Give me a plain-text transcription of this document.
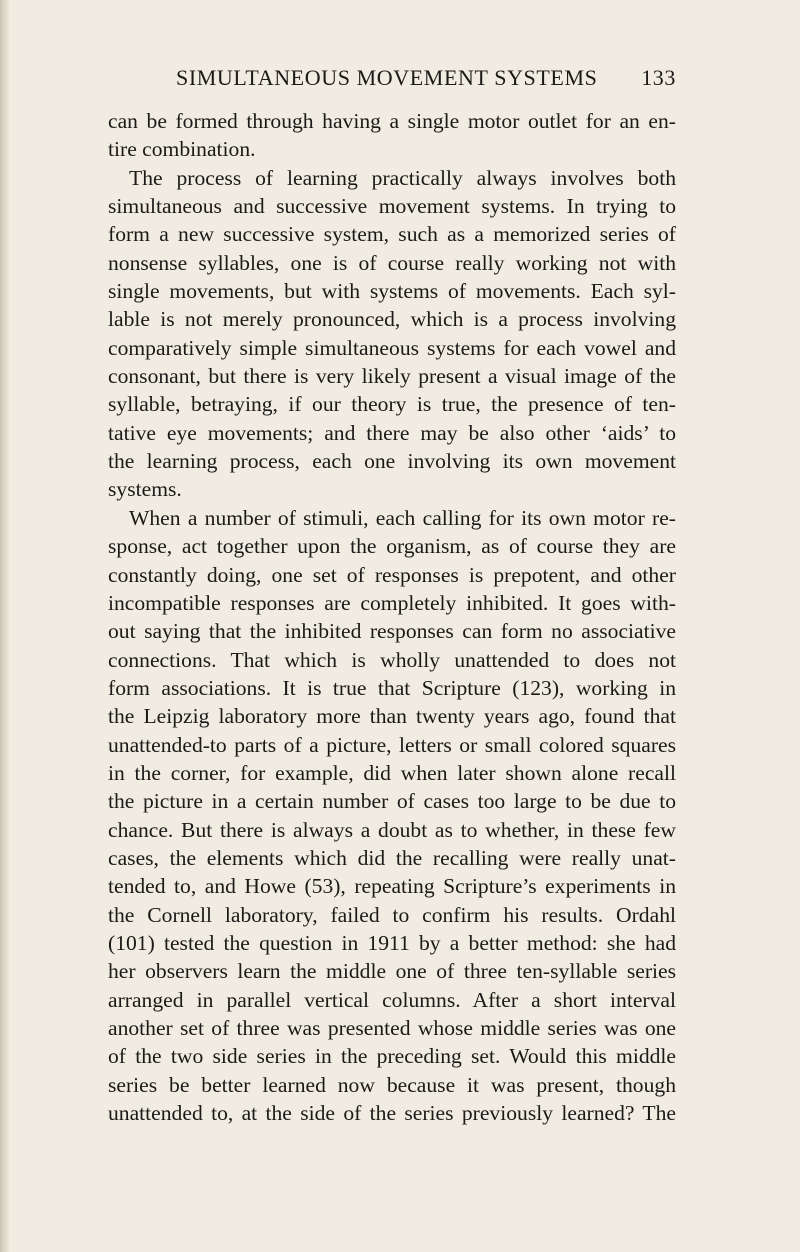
SIMULTANEOUS MOVEMENT SYSTEMS 133
can be formed through having a single motor outlet for an en-
tire combination.
The process of learning practically always involves both
simultaneous and successive movement systems. In trying to
form a new successive system, such as a memorized series of
nonsense syllables, one is of course really working not with
single movements, but with systems of movements. Each syl-
lable is not merely pronounced, which is a process involving
comparatively simple simultaneous systems for each vowel and
consonant, but there is very likely present a visual image of the
syllable, betraying, if our theory is true, the presence of ten-
tative eye movements; and there may be also other ‘aids’ to
the learning process, each one involving its own movement
systems.
When a number of stimuli, each calling for its own motor re-
sponse, act together upon the organism, as of course they are
constantly doing, one set of responses is prepotent, and other
incompatible responses are completely inhibited. It goes with-
out saying that the inhibited responses can form no associative
connections. That which is wholly unattended to does not
form associations. It is true that Scripture (123), working in
the Leipzig laboratory more than twenty years ago, found that
unattended-to parts of a picture, letters or small colored squares
in the corner, for example, did when later shown alone recall
the picture in a certain number of cases too large to be due to
chance. But there is always a doubt as to whether, in these few
cases, the elements which did the recalling were really unat-
tended to, and Howe (53), repeating Scripture’s experiments in
the Cornell laboratory, failed to confirm his results. Ordahl
(101) tested the question in 1911 by a better method: she had
her observers learn the middle one of three ten-syllable series
arranged in parallel vertical columns. After a short interval
another set of three was presented whose middle series was one
of the two side series in the preceding set. Would this middle
series be better learned now because it was present, though
unattended to, at the side of the series previously learned? The
